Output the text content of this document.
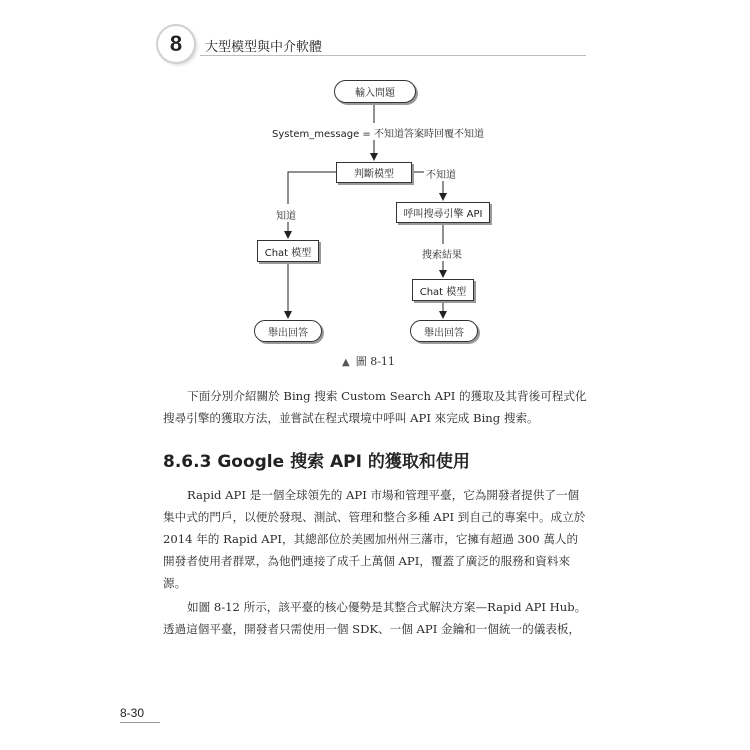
8 大型模型與中介軟體
輸入問題
System_message = 不知道答案時回覆不知道
判斷模型	不知道
知道	呼叫搜尋引擎 API
Chat 模型	搜索結果
Chat 模型
舉出回答	舉出回答
▲ 圖 8-11

下面分別介紹關於 Bing 搜索 Custom Search API 的獲取及其背後可程式化搜尋引擎的獲取方法，並嘗試在程式環境中呼叫 API 來完成 Bing 搜索。

8.6.3 Google 搜索 API 的獲取和使用

Rapid API 是一個全球領先的 API 市場和管理平臺，它為開發者提供了一個集中式的門戶，以便於發現、測試、管理和整合多種 API 到自己的專案中。成立於 2014 年的 Rapid API，其總部位於美國加州州三藩市，它擁有超過 300 萬人的開發者使用者群眾，為他們連接了成千上萬個 API，覆蓋了廣泛的服務和資料來源。

如圖 8-12 所示，該平臺的核心優勢是其整合式解決方案—Rapid API Hub。透過這個平臺，開發者只需使用一個 SDK、一個 API 金鑰和一個統一的儀表板，

8-30
